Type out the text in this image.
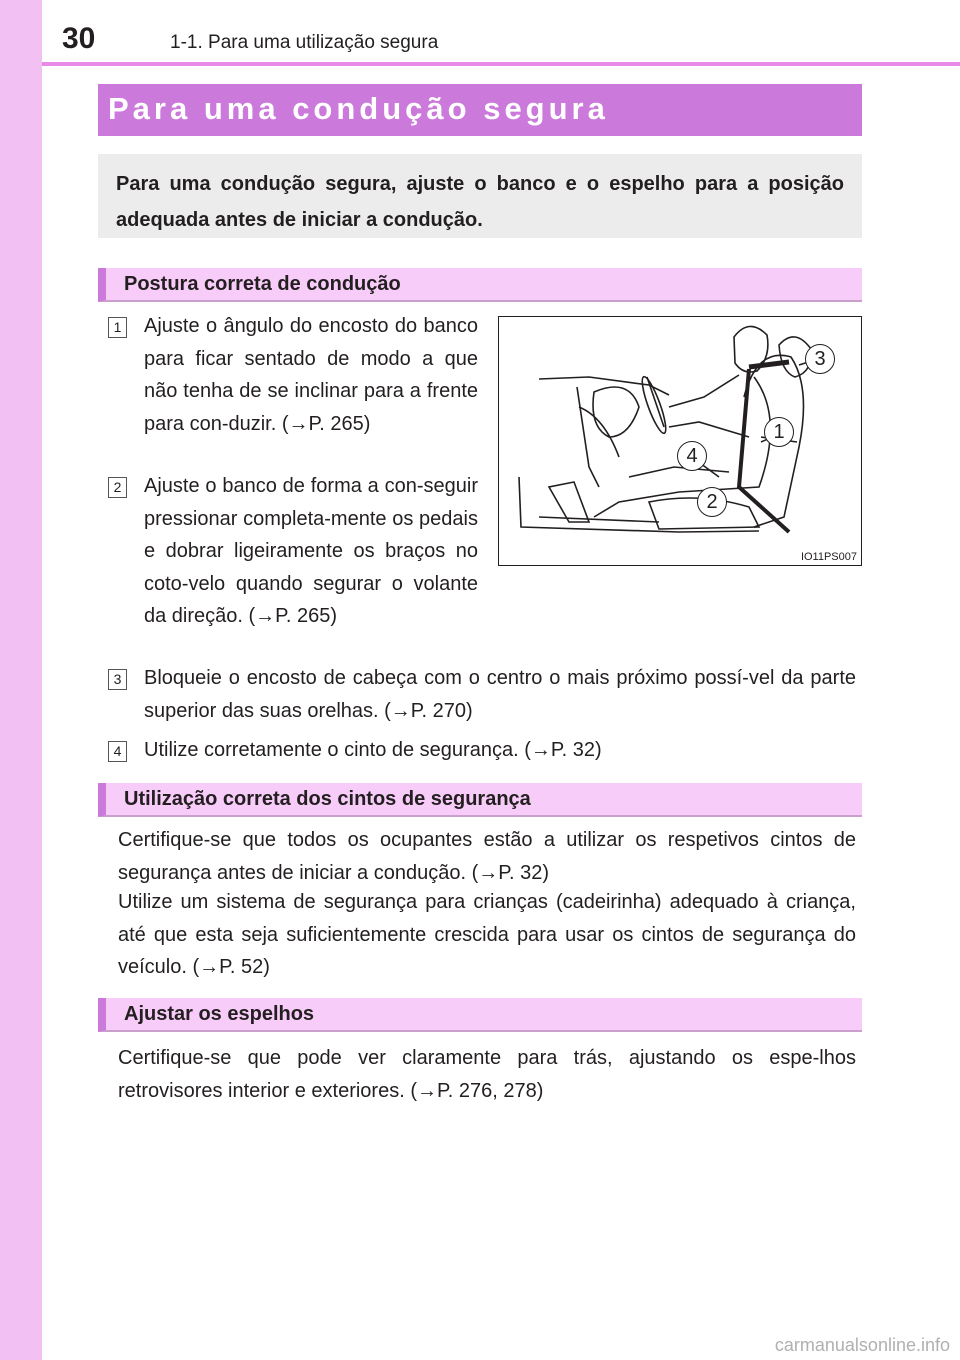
30	1-1. Para uma utilização segura
Para uma condução segura
Para uma condução segura, ajuste o banco e o espelho para a posição adequada antes de iniciar a condução.
Postura correta de condução
1 Ajuste o ângulo do encosto do banco para ficar sentado de modo a que não tenha de se inclinar para a frente para con-duzir. (→P. 265)
2 Ajuste o banco de forma a con-seguir pressionar completa-mente os pedais e dobrar ligeiramente os braços no coto-velo quando segurar o volante da direção. (→P. 265)
3 Bloqueie o encosto de cabeça com o centro o mais próximo possí-vel da parte superior das suas orelhas. (→P. 270)
4 Utilize corretamente o cinto de segurança. (→P. 32)
3
1
4
2
IO11PS007
Utilização correta dos cintos de segurança
Certifique-se que todos os ocupantes estão a utilizar os respetivos cintos de segurança antes de iniciar a condução. (→P. 32)
Utilize um sistema de segurança para crianças (cadeirinha) adequado à criança, até que esta seja suficientemente crescida para usar os cintos de segurança do veículo. (→P. 52)
Ajustar os espelhos
Certifique-se que pode ver claramente para trás, ajustando os espe-lhos retrovisores interior e exteriores. (→P. 276, 278)
carmanualsonline.info
